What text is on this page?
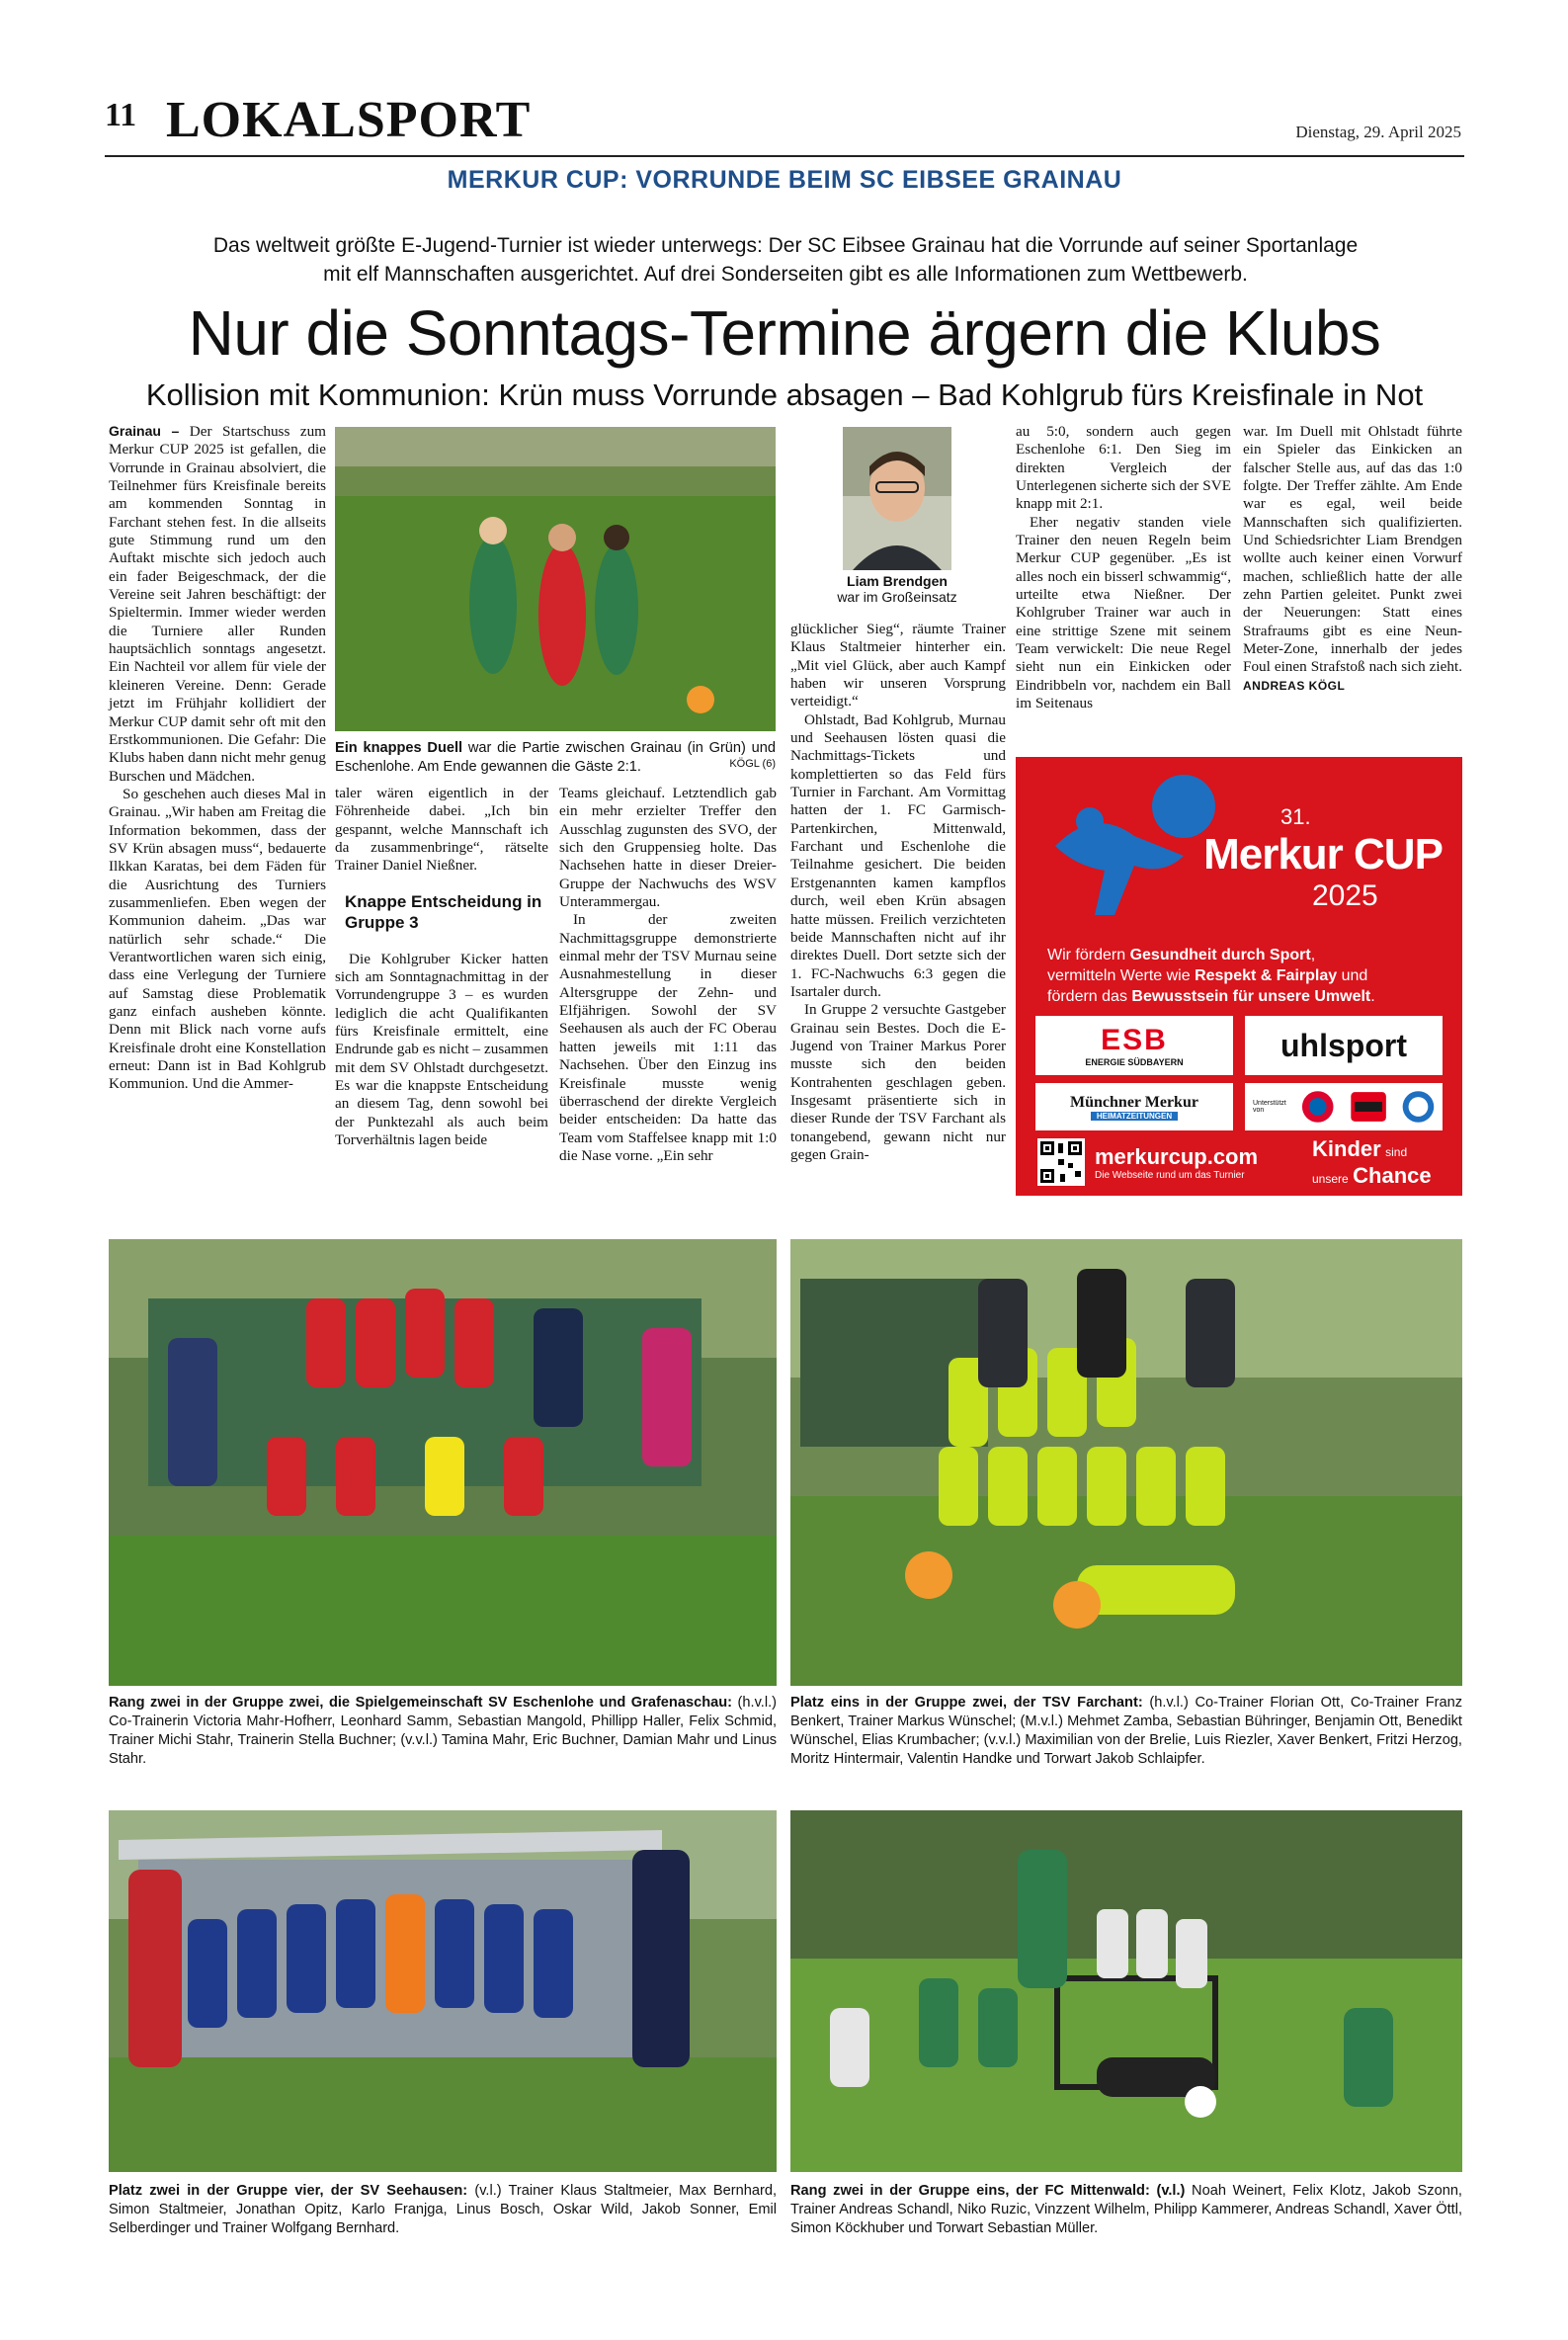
11 LOKALSPORT	Dienstag, 29. April 2025
MERKUR CUP: VORRUNDE BEIM SC EIBSEE GRAINAU
Das weltweit größte E-Jugend-Turnier ist wieder unterwegs: Der SC Eibsee Grainau hat die Vorrunde auf seiner Sportanlage mit elf Mannschaften ausgerichtet. Auf drei Sonderseiten gibt es alle Informationen zum Wettbewerb.
Nur die Sonntags-Termine ärgern die Klubs
Kollision mit Kommunion: Krün muss Vorrunde absagen – Bad Kohlgrub fürs Kreisfinale in Not

Grainau – Der Startschuss zum Merkur CUP 2025 ist gefallen, die Vorrunde in Grainau absolviert, die Teilnehmer fürs Kreisfinale bereits am kommenden Sonntag in Farchant stehen fest. In die allseits gute Stimmung rund um den Auftakt mischte sich jedoch auch ein fader Beigeschmack, der die Vereine seit Jahren beschäftigt: der Spieltermin. Immer wieder werden die Turniere aller Runden hauptsächlich sonntags angesetzt. Ein Nachteil vor allem für viele der kleineren Vereine. Denn: Gerade jetzt im Frühjahr kollidiert der Merkur CUP damit sehr oft mit den Erstkommunionen. Die Gefahr: Die Klubs haben dann nicht mehr genug Burschen und Mädchen.

So geschehen auch dieses Mal in Grainau. „Wir haben am Freitag die Information bekommen, dass der SV Krün absagen muss“, bedauerte Ilkkan Karatas, bei dem Fäden für die Ausrichtung des Turniers zusammenliefen. Eben wegen der Kommunion daheim. „Das war natürlich sehr schade.“ Die Verantwortlichen waren sich einig, dass eine Verlegung der Turniere auf Samstag diese Problematik ganz einfach ausheben könnte. Denn mit Blick nach vorne aufs Kreisfinale droht eine Konstellation erneut: Dann ist in Bad Kohlgrub Kommunion. Und die Ammer-

Ein knappes Duell war die Partie zwischen Grainau (in Grün) und Eschenlohe. Am Ende gewannen die Gäste 2:1.	KÖGL (6)

taler wären eigentlich in der Föhrenheide dabei. „Ich bin gespannt, welche Mannschaft ich da zusammenbringe“, rätselte Trainer Daniel Nießner.

Knappe Entscheidung in Gruppe 3

Die Kohlgruber Kicker hatten sich am Sonntagnachmittag in der Vorrundengruppe 3 – es wurden lediglich die acht Qualifikanten fürs Kreisfinale ermittelt, eine Endrunde gab es nicht – zusammen mit dem SV Ohlstadt durchgesetzt. Es war die knappste Entscheidung an diesem Tag, denn sowohl bei der Punktezahl als auch beim Torverhältnis lagen beide

Teams gleichauf. Letztendlich gab ein mehr erzielter Treffer den Ausschlag zugunsten des SVO, der sich den Gruppensieg holte. Das Nachsehen hatte in dieser Dreier-Gruppe der Nachwuchs des WSV Unterammergau.

In der zweiten Nachmittagsgruppe demonstrierte einmal mehr der TSV Murnau seine Ausnahmestellung in dieser Altersgruppe der Zehn- und Elfjährigen. Sowohl der SV Seehausen als auch der FC Oberau hatten jeweils mit 1:11 das Nachsehen. Über den Einzug ins Kreisfinale musste wenig überraschend der direkte Vergleich beider entscheiden: Da hatte das Team vom Staffelsee knapp mit 1:0 die Nase vorne. „Ein sehr

Liam Brendgen
war im Großeinsatz

glücklicher Sieg“, räumte Trainer Klaus Staltmeier hinterher ein. „Mit viel Glück, aber auch Kampf haben wir unseren Vorsprung verteidigt.“

Ohlstadt, Bad Kohlgrub, Murnau und Seehausen lösten quasi die Nachmittags-Tickets und komplettierten so das Feld fürs Turnier in Farchant. Am Vormittag hatten der 1. FC Garmisch-Partenkirchen, Mittenwald, Farchant und Eschenlohe die Teilnahme gesichert. Die beiden Erstgenannten kamen kampflos durch, weil eben Krün absagen hatte müssen. Freilich verzichteten beide Mannschaften nicht auf ihr direktes Duell. Dort setzte sich der 1. FC-Nachwuchs 6:3 gegen die Isartaler durch.

In Gruppe 2 versuchte Gastgeber Grainau sein Bestes. Doch die E-Jugend von Trainer Markus Porer musste sich den beiden Kontrahenten geschlagen geben. Insgesamt präsentierte sich in dieser Runde der TSV Farchant als tonangebend, gewann nicht nur gegen Grain-

au 5:0, sondern auch gegen Eschenlohe 6:1. Den Sieg im direkten Vergleich der Unterlegenen sicherte sich der SVE knapp mit 2:1.

Eher negativ standen viele Trainer den neuen Regeln beim Merkur CUP gegenüber. „Es ist alles noch ein bisserl schwammig“, urteilte etwa Nießner. Der Kohlgruber Trainer war auch in eine strittige Szene mit seinem Team verwickelt: Die neue Regel sieht nun ein Einkicken oder Eindribbeln vor, nachdem ein Ball im Seitenaus

war. Im Duell mit Ohlstadt führte ein Spieler das Einkicken an falscher Stelle aus, auf das das 1:0 folgte. Der Treffer zählte. Am Ende war es egal, weil beide Mannschaften sich qualifizierten. Und Schiedsrichter Liam Brendgen wollte auch keiner einen Vorwurf machen, schließlich hatte der alle zehn Partien geleitet. Punkt zwei der Neuerungen: Statt eines Strafraums gibt es eine Neun-Meter-Zone, innerhalb der jedes Foul einen Strafstoß nach sich zieht. ANDREAS KÖGL

31.
Merkur CUP
2025
Wir fördern Gesundheit durch Sport,
vermitteln Werte wie Respekt & Fairplay und
fördern das Bewusstsein für unsere Umwelt.
ESB
ENERGIE SÜDBAYERN	uhlsport
Münchner Merkur
HEIMATZEITUNGEN
Unterstützt von
merkurcup.com
Die Webseite rund um das Turnier
Kinder sind
unsere Chance
Rang zwei in der Gruppe zwei, die Spielgemeinschaft SV Eschenlohe und Grafenaschau: (h.v.l.) Co-Trainerin Victoria Mahr-Hofherr, Leonhard Samm, Sebastian Mangold, Phillipp Haller, Felix Schmid, Trainer Michi Stahr, Trainerin Stella Buchner; (v.v.l.) Tamina Mahr, Eric Buchner, Damian Mahr und Linus Stahr.
Platz eins in der Gruppe zwei, der TSV Farchant: (h.v.l.) Co-Trainer Florian Ott, Co-Trainer Franz Benkert, Trainer Markus Wünschel; (M.v.l.) Mehmet Zamba, Sebastian Bühringer, Benjamin Ott, Benedikt Wünschel, Elias Krumbacher; (v.v.l.) Maximilian von der Brelie, Luis Riezler, Xaver Benkert, Fritzi Herzog, Moritz Hintermair, Valentin Handke und Torwart Jakob Schlaipfer.
Platz zwei in der Gruppe vier, der SV Seehausen: (v.l.) Trainer Klaus Staltmeier, Max Bernhard, Simon Staltmeier, Jonathan Opitz, Karlo Franjga, Linus Bosch, Oskar Wild, Jakob Sonner, Emil Selberdinger und Trainer Wolfgang Bernhard.
Rang zwei in der Gruppe eins, der FC Mittenwald: (v.l.) Noah Weinert, Felix Klotz, Jakob Szonn, Trainer Andreas Schandl, Niko Ruzic, Vinzzent Wilhelm, Philipp Kammerer, Andreas Schandl, Xaver Öttl, Simon Köckhuber und Torwart Sebastian Müller.
